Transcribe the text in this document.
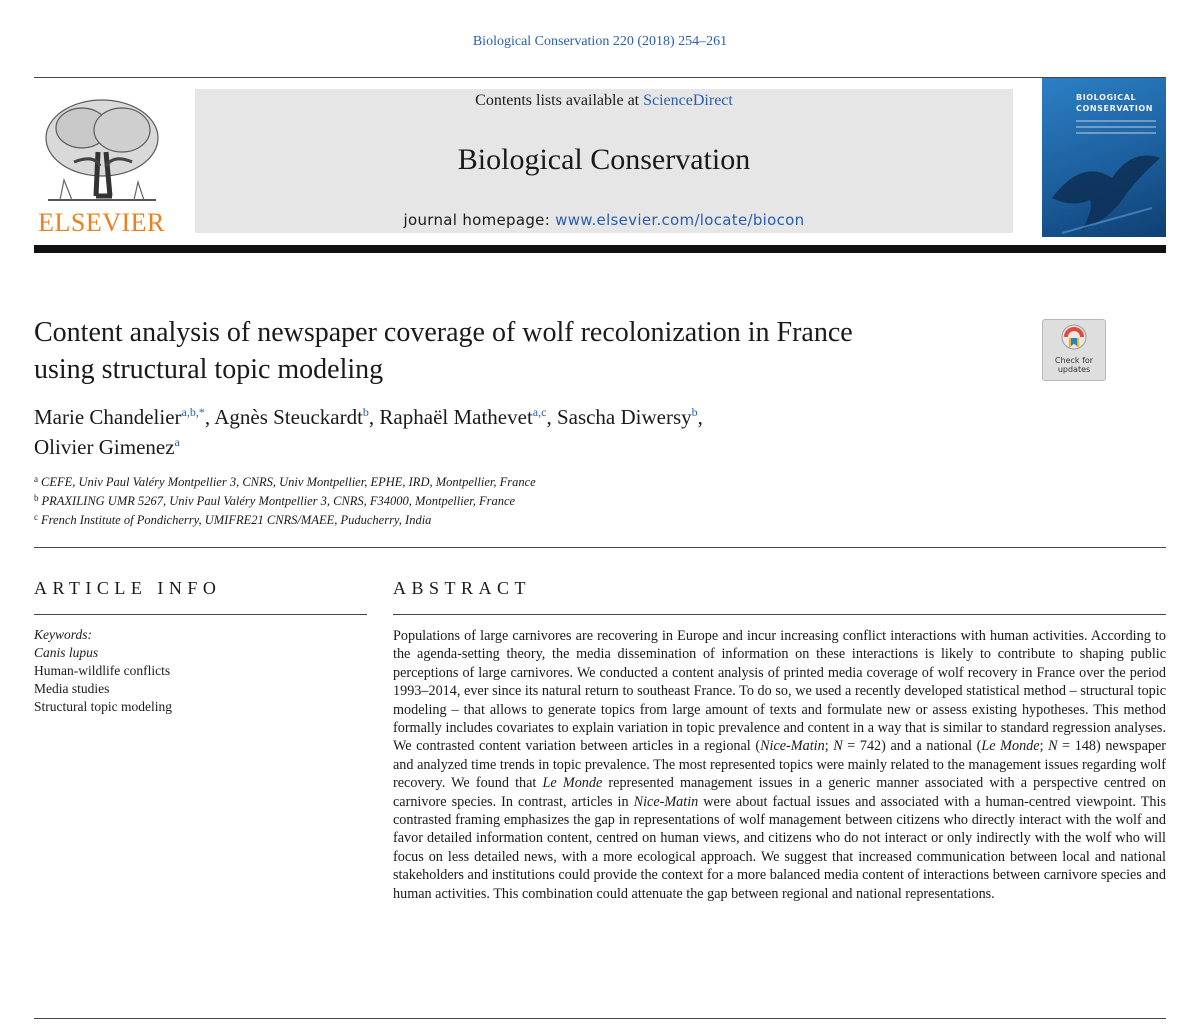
Biological Conservation 220 (2018) 254–261
ELSEVIER
Contents lists available at ScienceDirect
Biological Conservation
journal homepage: www.elsevier.com/locate/biocon
BIOLOGICAL
CONSERVATION
Content analysis of newspaper coverage of wolf recolonization in France
using structural topic modeling	Check for
updates
Marie Chandelier$^{a,b,*}$, Agnès Steuckardt$^b$, Raphaël Mathevet$^{a,c}$, Sascha Diwersy$^b$,
Olivier Gimenez$^a$
$^a$ CEFE, Univ Paul Valéry Montpellier 3, CNRS, Univ Montpellier, EPHE, IRD, Montpellier, France
$^b$ PRAXILING UMR 5267, Univ Paul Valéry Montpellier 3, CNRS, F34000, Montpellier, France
$^c$ French Institute of Pondicherry, UMIFRE21 CNRS/MAEE, Puducherry, India
ARTICLE INFO	ABSTRACT
Keywords:
Canis lupus
Human-wildlife conflicts
Media studies
Structural topic modeling
Populations of large carnivores are recovering in Europe and incur increasing conflict interactions with human activities. According to the agenda-setting theory, the media dissemination of information on these interactions is likely to contribute to shaping public perceptions of large carnivores. We conducted a content analysis of printed media coverage of wolf recovery in France over the period 1993–2014, ever since its natural return to southeast France. To do so, we used a recently developed statistical method – structural topic modeling – that allows to generate topics from large amount of texts and formulate new or assess existing hypotheses. This method formally includes covariates to explain variation in topic prevalence and content in a way that is similar to standard regression analyses. We contrasted content variation between articles in a regional (Nice-Matin; N = 742) and a national (Le Monde; N = 148) newspaper and analyzed time trends in topic prevalence. The most represented topics were mainly related to the management issues regarding wolf recovery. We found that Le Monde represented management issues in a generic manner associated with a perspective centred on carnivore species. In contrast, articles in Nice-Matin were about factual issues and associated with a human-centred viewpoint. This contrasted framing emphasizes the gap in representations of wolf management between citizens who directly interact with the wolf and favor detailed information content, centred on human views, and citizens who do not interact or only indirectly with the wolf who will focus on less detailed news, with a more ecological approach. We suggest that increased communication between local and national stakeholders and institutions could provide the context for a more balanced media content of interactions between carnivore species and human activities. This combination could attenuate the gap between regional and national representations.
